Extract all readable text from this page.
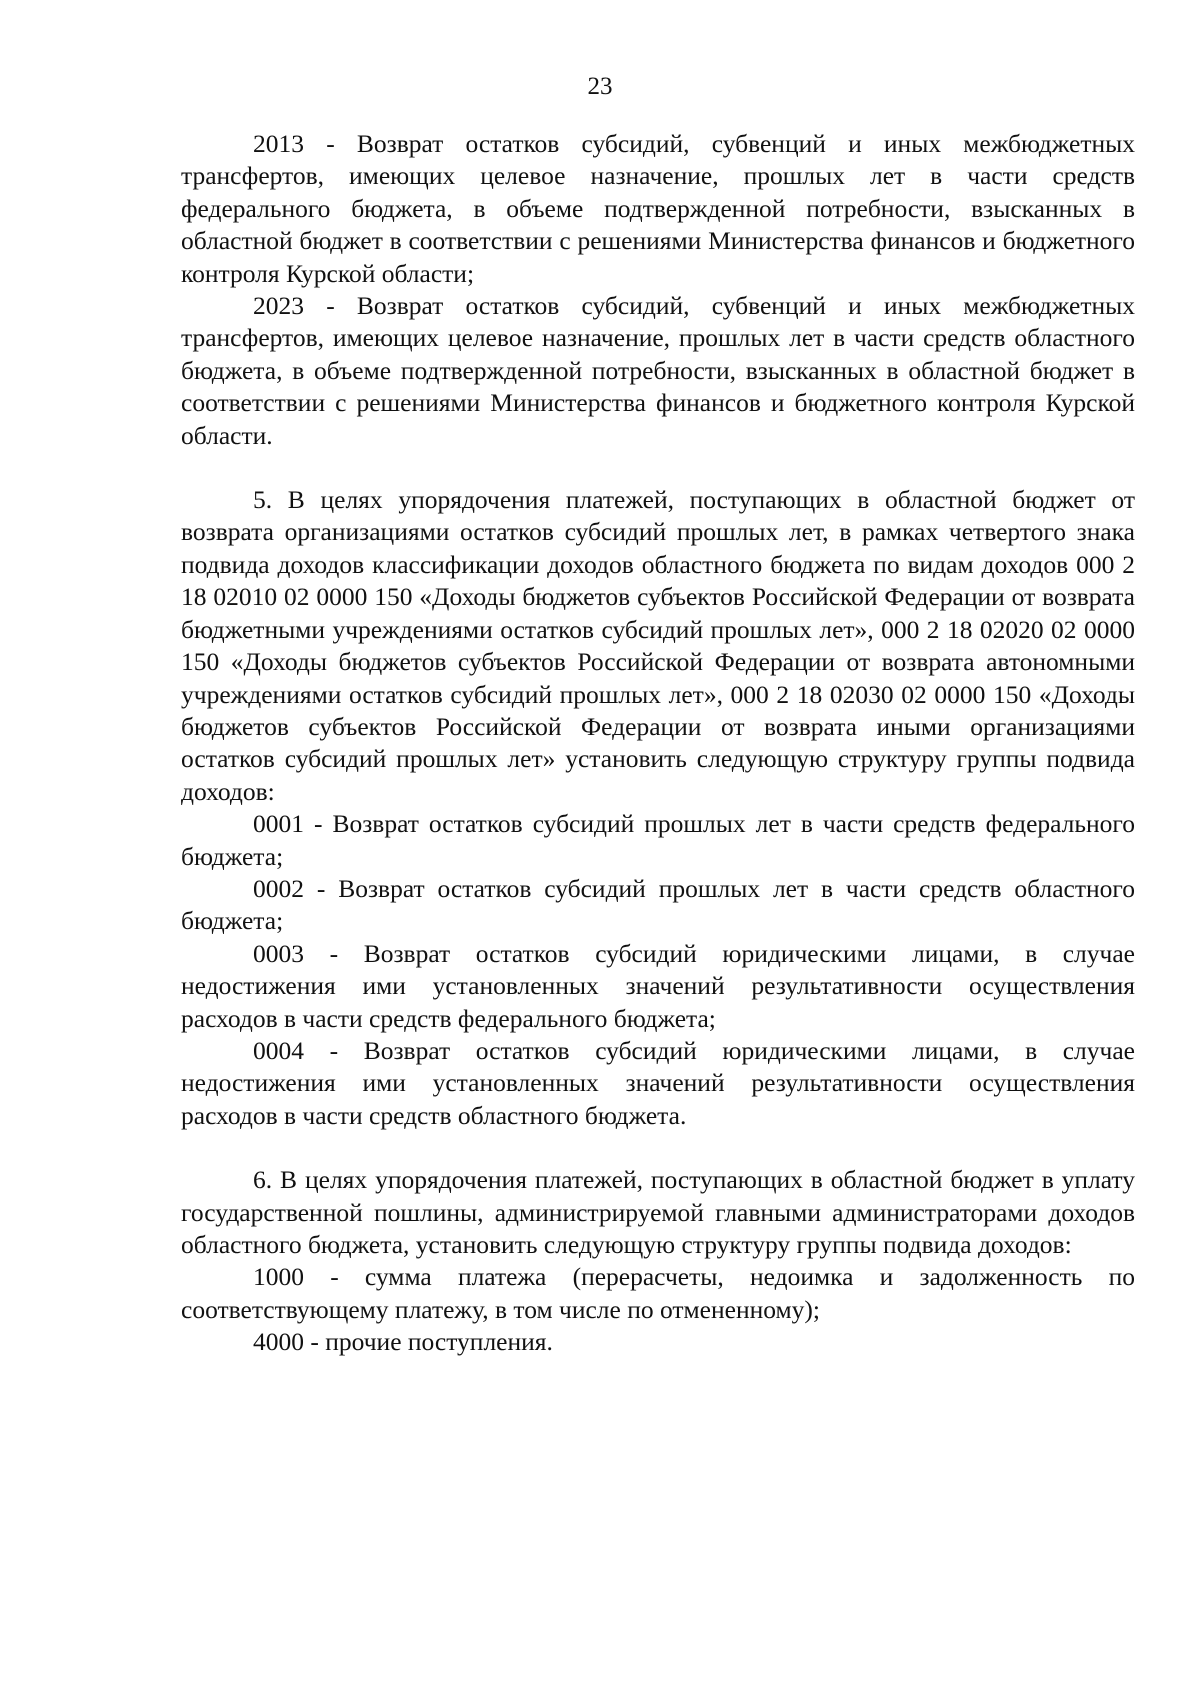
23

2013 - Возврат остатков субсидий, субвенций и иных межбюджетных трансфертов, имеющих целевое назначение, прошлых лет в части средств федерального бюджета, в объеме подтвержденной потребности, взысканных в областной бюджет в соответствии с решениями Министерства финансов и бюджетного контроля Курской области;

2023 - Возврат остатков субсидий, субвенций и иных межбюджетных трансфертов, имеющих целевое назначение, прошлых лет в части средств областного бюджета, в объеме подтвержденной потребности, взысканных в областной бюджет в соответствии с решениями Министерства финансов и бюджетного контроля Курской области.

5. В целях упорядочения платежей, поступающих в областной бюджет от возврата организациями остатков субсидий прошлых лет, в рамках четвертого знака подвида доходов классификации доходов областного бюджета по видам доходов 000 2 18 02010 02 0000 150 «Доходы бюджетов субъектов Российской Федерации от возврата бюджетными учреждениями остатков субсидий прошлых лет», 000 2 18 02020 02 0000 150 «Доходы бюджетов субъектов Российской Федерации от возврата автономными учреждениями остатков субсидий прошлых лет», 000 2 18 02030 02 0000 150 «Доходы бюджетов субъектов Российской Федерации от возврата иными организациями остатков субсидий прошлых лет» установить следующую структуру группы подвида доходов:

0001 - Возврат остатков субсидий прошлых лет в части средств федерального бюджета;

0002 - Возврат остатков субсидий прошлых лет в части средств областного бюджета;

0003 - Возврат остатков субсидий юридическими лицами, в случае недостижения ими установленных значений результативности осуществления расходов в части средств федерального бюджета;

0004 - Возврат остатков субсидий юридическими лицами, в случае недостижения ими установленных значений результативности осуществления расходов в части средств областного бюджета.

6. В целях упорядочения платежей, поступающих в областной бюджет в уплату государственной пошлины, администрируемой главными администраторами доходов областного бюджета, установить следующую структуру группы подвида доходов:

1000 - сумма платежа (перерасчеты, недоимка и задолженность по соответствующему платежу, в том числе по отмененному);

4000 - прочие поступления.
